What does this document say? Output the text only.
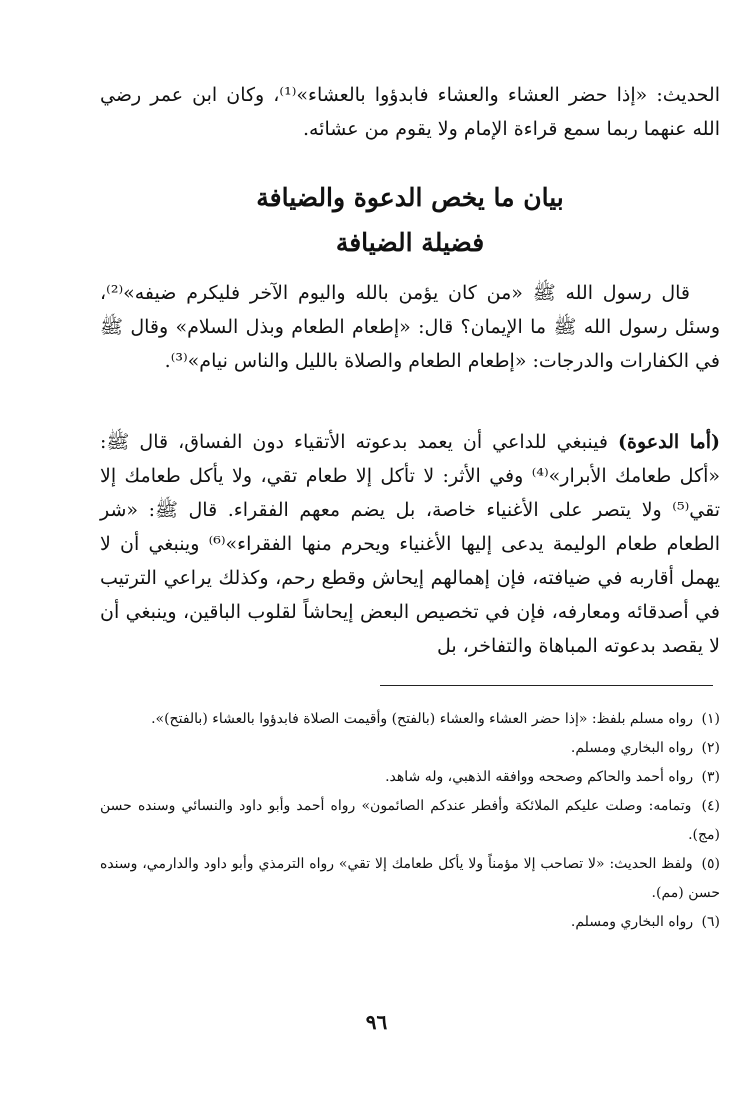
الحديث: «إذا حضر العشاء والعشاء فابدؤوا بالعشاء»⁽¹⁾، وكان ابن عمر رضي الله عنهما ربما سمع قراءة الإمام ولا يقوم من عشائه.

بيان ما يخص الدعوة والضيافة
فضيلة الضيافة

قال رسول الله ﷺ «من كان يؤمن بالله واليوم الآخر فليكرم ضيفه»⁽²⁾، وسئل رسول الله ﷺ ما الإيمان؟ قال: «إطعام الطعام وبذل السلام» وقال ﷺ في الكفارات والدرجات: «إطعام الطعام والصلاة بالليل والناس نيام»⁽³⁾.

(أما الدعوة) فينبغي للداعي أن يعمد بدعوته الأتقياء دون الفساق، قال ﷺ: «أكل طعامك الأبرار»⁽⁴⁾ وفي الأثر: لا تأكل إلا طعام تقي، ولا يأكل طعامك إلا تقي⁽⁵⁾ ولا يتصر على الأغنياء خاصة، بل يضم معهم الفقراء. قال ﷺ: «شر الطعام طعام الوليمة يدعى إليها الأغنياء ويحرم منها الفقراء»⁽⁶⁾ وينبغي أن لا يهمل أقاربه في ضيافته، فإن إهمالهم إيحاش وقطع رحم، وكذلك يراعي الترتيب في أصدقائه ومعارفه، فإن في تخصيص البعض إيحاشاً لقلوب الباقين، وينبغي أن لا يقصد بدعوته المباهاة والتفاخر، بل

(١) رواه مسلم بلفظ: «إذا حضر العشاء والعشاء (بالفتح) وأقيمت الصلاة فابدؤوا بالعشاء (بالفتح)».
(٢) رواه البخاري ومسلم.
(٣) رواه أحمد والحاكم وصححه ووافقه الذهبي، وله شاهد.
(٤) وتمامه: وصلت عليكم الملائكة وأفطر عندكم الصائمون» رواه أحمد وأبو داود والنسائي وسنده حسن (مج).
(٥) ولفظ الحديث: «لا تصاحب إلا مؤمناً ولا يأكل طعامك إلا تقي» رواه الترمذي وأبو داود والدارمي، وسنده حسن (مم).
(٦) رواه البخاري ومسلم.
٩٦
